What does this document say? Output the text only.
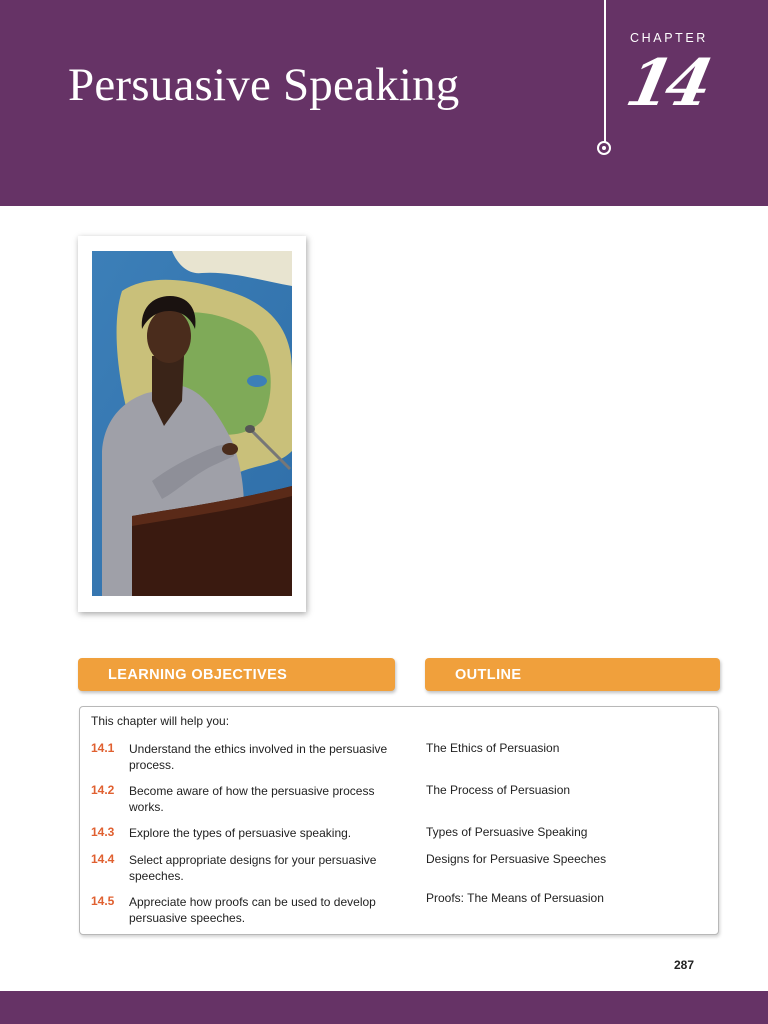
Persuasive Speaking
CHAPTER
14
LEARNING OBJECTIVES	OUTLINE
This chapter will help you:
14.1 Understand the ethics involved in the persuasive process.
14.2 Become aware of how the persuasive process works.
14.3 Explore the types of persuasive speaking.
14.4 Select appropriate designs for your persuasive speeches.
14.5 Appreciate how proofs can be used to develop persuasive speeches.
The Ethics of Persuasion
The Process of Persuasion
Types of Persuasive Speaking
Designs for Persuasive Speeches
Proofs: The Means of Persuasion
287
